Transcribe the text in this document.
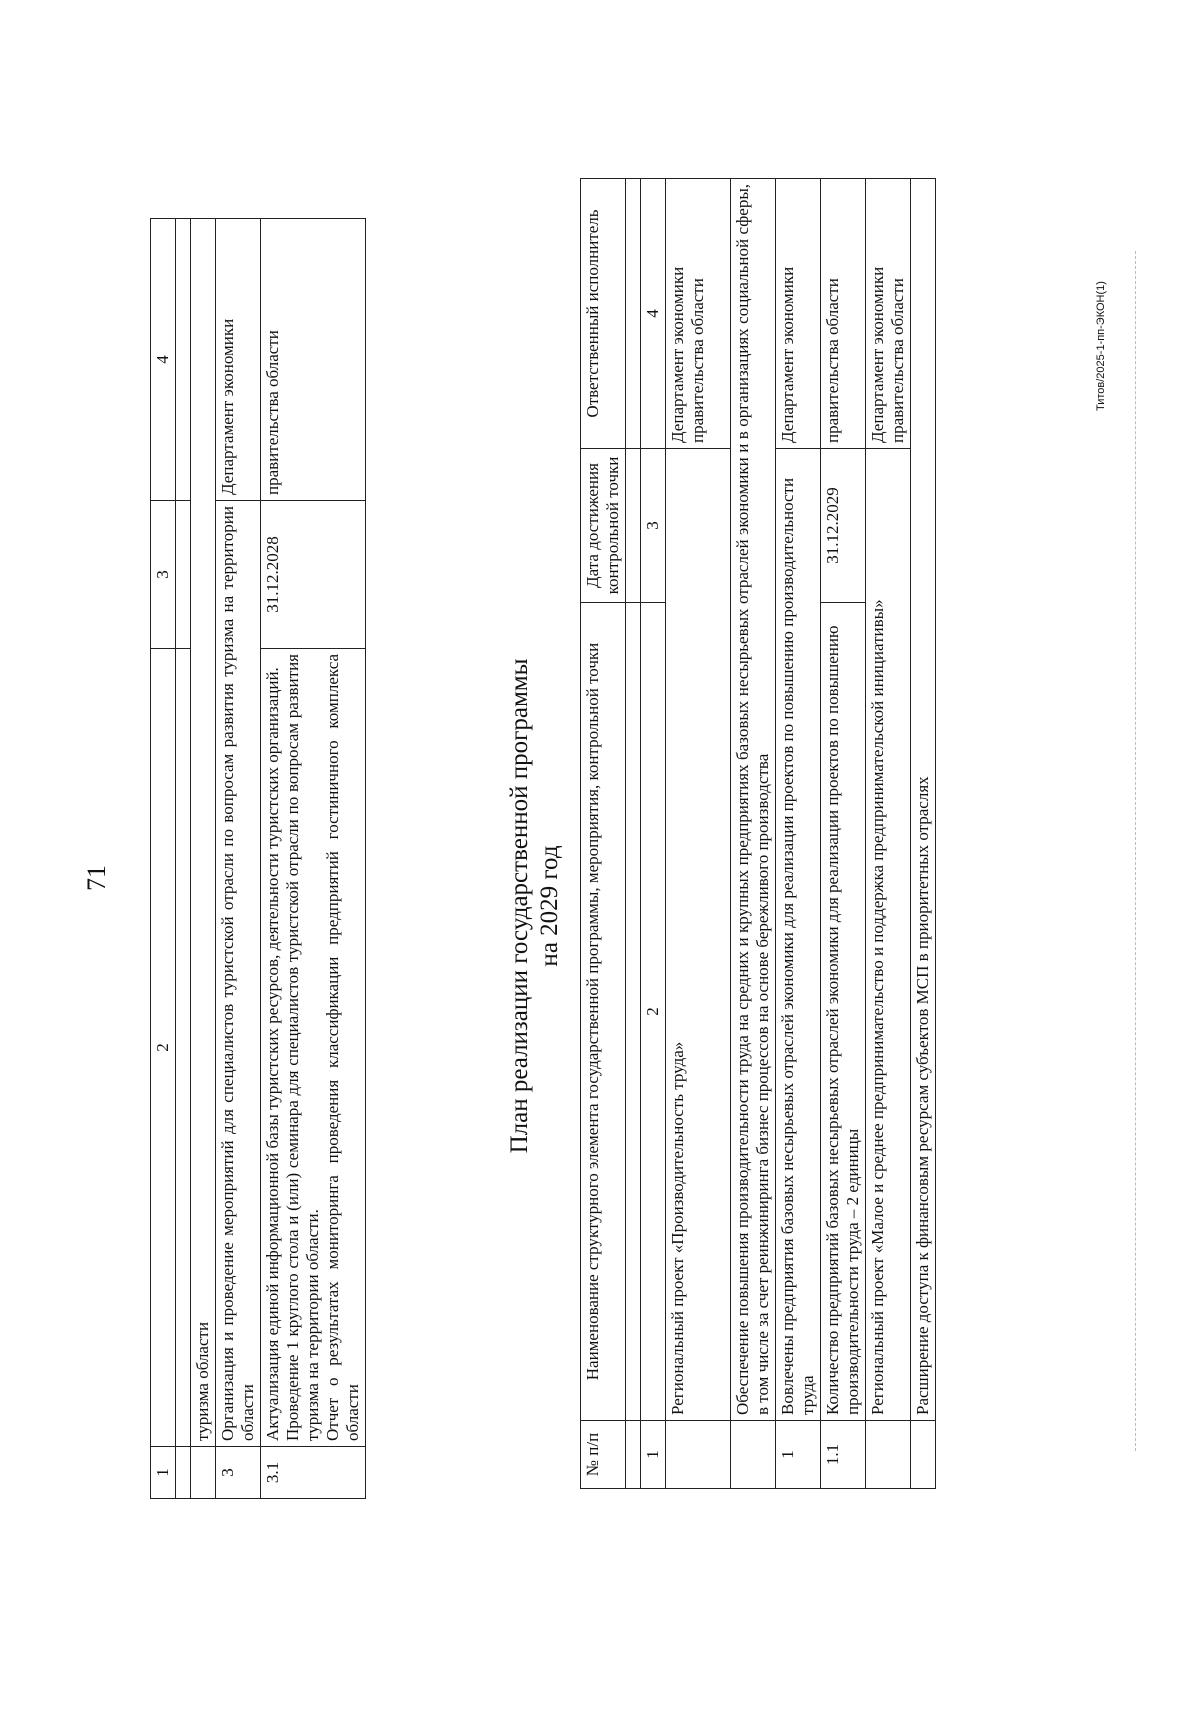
71
1	2	3	4

	туризма области		
3	Организация и проведение мероприятий для специалистов туристской отрасли по вопросам развития туризма на территории области		Департамент экономики
3.1	Актуализация единой информационной базы туристских ресурсов, деятельности туристских организаций. Проведение 1 круглого стола и (или) семинара для специалистов туристской отрасли по вопросам развития туризма на территории области. Отчет о результатах мониторинга проведения классификации предприятий гостиничного комплекса области	31.12.2028	правительства области
План реализации государственной программы на 2029 год
№ п/п	Наименование структурного элемента государственной программы, мероприятия, контрольной точки	Дата достижения контрольной точки	Ответственный исполнитель

1	2	3	4
	Региональный проект «Производительность труда»		Департамент экономики правительства области
	Обеспечение повышения производительности труда на средних и крупных предприятиях базовых несырьевых отраслей экономики и в организациях социальной сферы, в том числе за счет реинжиниринга бизнес процессов на основе бережливого производства		
1	Вовлечены предприятия базовых несырьевых отраслей экономики для реализации проектов по повышению производительности труда		Департамент экономики
1.1	Количество предприятий базовых несырьевых отраслей экономики для реализации проектов по повышению производительности труда – 2 единицы	31.12.2029	правительства области
	Региональный проект «Малое и среднее предпринимательство и поддержка предпринимательской инициативы»		Департамент экономики правительства области
	Расширение доступа к финансовым ресурсам субъектов МСП в приоритетных отраслях		
Титов/2025-1-пп-ЭКОН(1)
